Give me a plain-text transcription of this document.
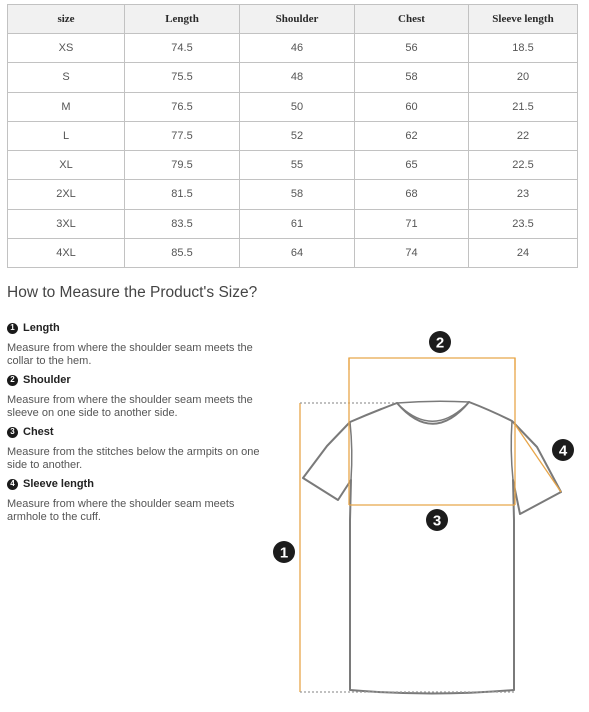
size	Length	Shoulder	Chest	Sleeve length
XS	74.5	46	56	18.5
S	75.5	48	58	20
M	76.5	50	60	21.5
L	77.5	52	62	22
XL	79.5	55	65	22.5
2XL	81.5	58	68	23
3XL	83.5	61	71	23.5
4XL	85.5	64	74	24
How to Measure the Product's Size?
1 Length
Measure from where the shoulder seam meets the collar to the hem.
2 Shoulder
Measure from where the shoulder seam meets the sleeve on one side to another side.
3 Chest
Measure from the stitches below the armpits on one side to another.
4 Sleeve length
Measure from where the shoulder seam meets armhole to the cuff.
1
2
3
4
